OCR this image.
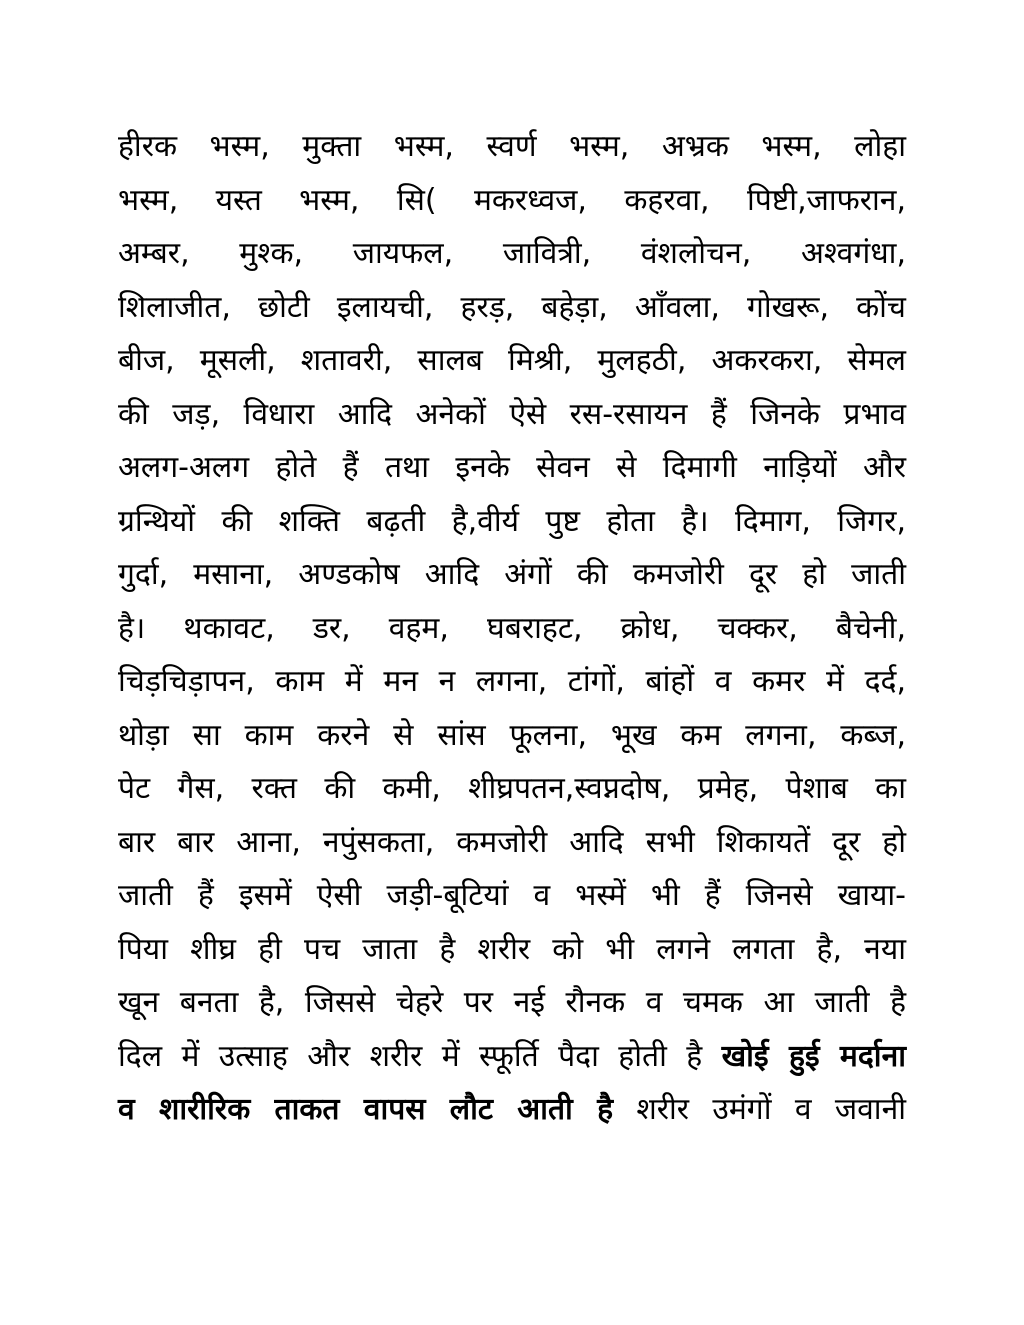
हीरक भस्म, मुक्ता भस्म, स्वर्ण भस्म, अभ्रक भस्म, लोहा
भस्म, यस्त भस्म, सि( मकरध्वज, कहरवा, पिष्टी,जाफरान,
अम्बर, मुश्क, जायफल, जावित्री, वंशलोचन, अश्वगंधा,
शिलाजीत, छोटी इलायची, हरड़, बहेड़ा, आँवला, गोखरू, कोंच
बीज, मूसली, शतावरी, सालब मिश्री, मुलहठी, अकरकरा, सेमल
की जड़, विधारा आदि अनेकों ऐसे रस-रसायन हैं जिनके प्रभाव
अलग-अलग होते हैं तथा इनके सेवन से दिमागी नाड़ियों और
ग्रन्थियों की शक्ति बढ़ती है,वीर्य पुष्ट होता है। दिमाग, जिगर,
गुर्दा, मसाना, अण्डकोष आदि अंगों की कमजोरी दूर हो जाती
है। थकावट, डर, वहम, घबराहट, क्रोध, चक्कर, बैचेनी,
चिड़चिड़ापन, काम में मन न लगना, टांगों, बांहों व कमर में दर्द,
थोड़ा सा काम करने से सांस फूलना, भूख कम लगना, कब्ज,
पेट गैस, रक्त की कमी, शीघ्रपतन,स्वप्नदोष, प्रमेह, पेशाब का
बार बार आना, नपुंसकता, कमजोरी आदि सभी शिकायतें दूर हो
जाती हैं इसमें ऐसी जड़ी-बूटियां व भस्में भी हैं जिनसे खाया-
पिया शीघ्र ही पच जाता है शरीर को भी लगने लगता है, नया
खून बनता है, जिससे चेहरे पर नई रौनक व चमक आ जाती है
दिल में उत्साह और शरीर में स्फूर्ति पैदा होती है खोई हुई मर्दाना
व शारीरिक ताकत वापस लौट आती है शरीर उमंगों व जवानी
